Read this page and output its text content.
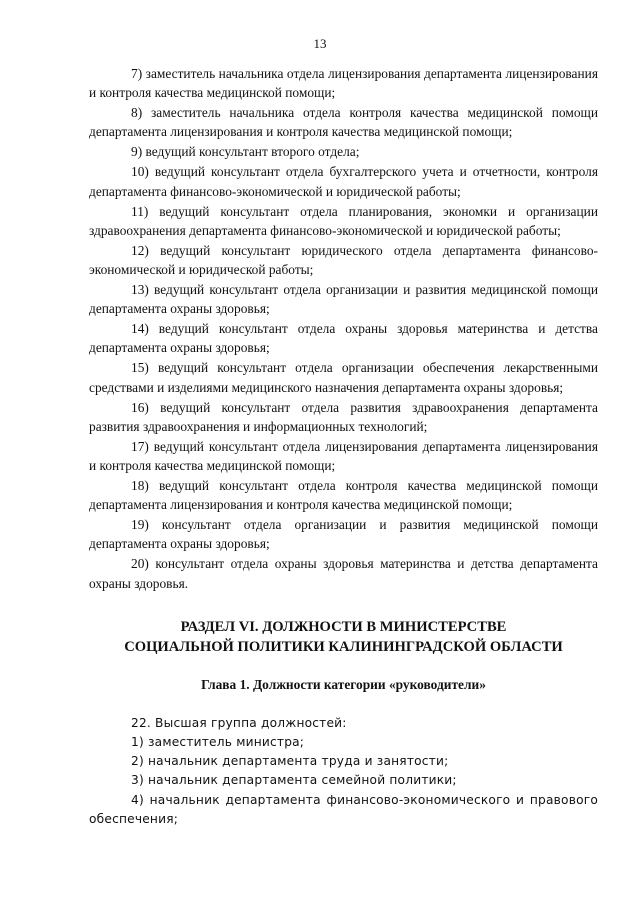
13

7) заместитель начальника отдела лицензирования департамента лицензирования и контроля качества медицинской помощи;

8) заместитель начальника отдела контроля качества медицинской помощи департамента лицензирования и контроля качества медицинской помощи;

9) ведущий консультант второго отдела;

10) ведущий консультант отдела бухгалтерского учета и отчетности, контроля департамента финансово-экономической и юридической работы;

11) ведущий консультант отдела планирования, экономки и организации здравоохранения департамента финансово-экономической и юридической работы;

12) ведущий консультант юридического отдела департамента финансово-экономической и юридической работы;

13) ведущий консультант отдела организации и развития медицинской помощи департамента охраны здоровья;

14) ведущий консультант отдела охраны здоровья материнства и детства департамента охраны здоровья;

15) ведущий консультант отдела организации обеспечения лекарственными средствами и изделиями медицинского назначения департамента охраны здоровья;

16) ведущий консультант отдела развития здравоохранения департамента развития здравоохранения и информационных технологий;

17) ведущий консультант отдела лицензирования департамента лицензирования и контроля качества медицинской помощи;

18) ведущий консультант отдела контроля качества медицинской помощи департамента лицензирования и контроля качества медицинской помощи;

19) консультант отдела организации и развития медицинской помощи департамента охраны здоровья;

20) консультант отдела охраны здоровья материнства и детства департамента охраны здоровья.

РАЗДЕЛ VI. ДОЛЖНОСТИ В МИНИСТЕРСТВЕ
СОЦИАЛЬНОЙ ПОЛИТИКИ КАЛИНИНГРАДСКОЙ ОБЛАСТИ
Глава 1. Должности категории «руководители»

22. Высшая группа должностей:

1) заместитель министра;

2) начальник департамента труда и занятости;

3) начальник департамента семейной политики;

4) начальник департамента финансово-экономического и правового обеспечения;
